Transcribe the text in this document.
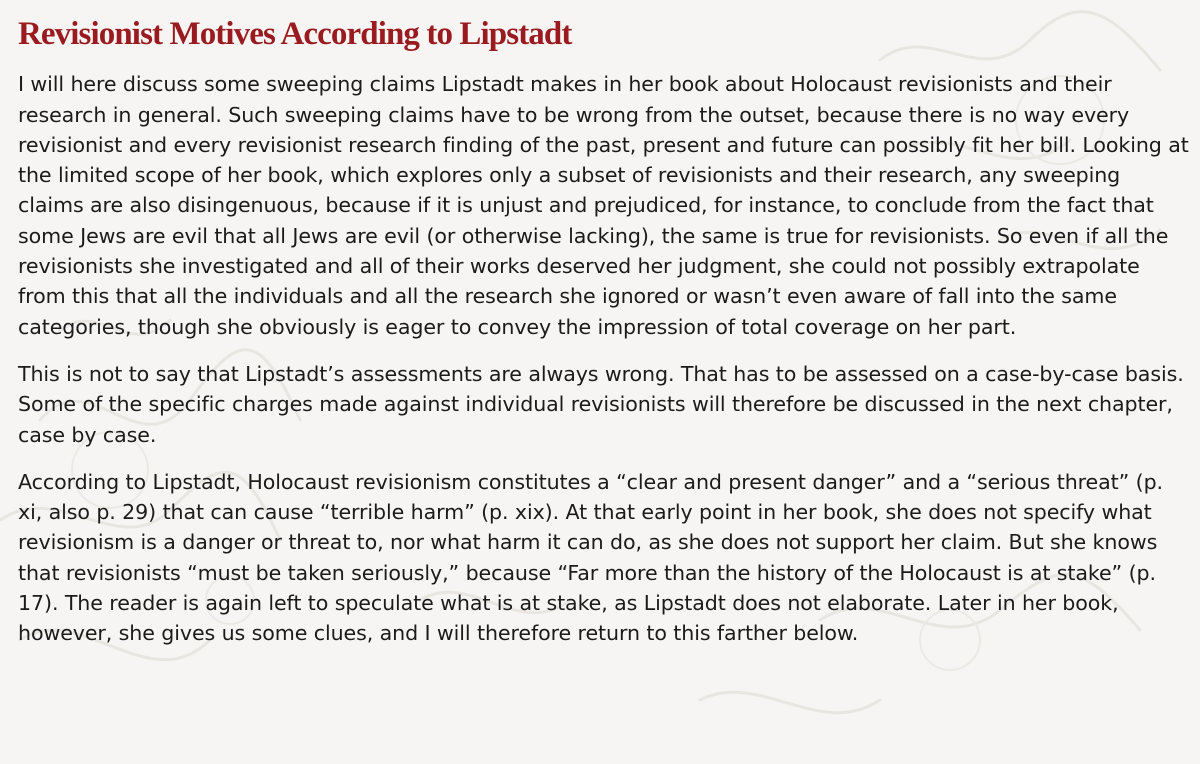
Revisionist Motives According to Lipstadt

I will here discuss some sweeping claims Lipstadt makes in her book about Holocaust revisionists and their research in general. Such sweeping claims have to be wrong from the outset, because there is no way every revisionist and every revisionist research finding of the past, present and future can possibly fit her bill. Looking at the limited scope of her book, which explores only a subset of revisionists and their research, any sweeping claims are also disingenuous, because if it is unjust and prejudiced, for instance, to conclude from the fact that some Jews are evil that all Jews are evil (or otherwise lacking), the same is true for revisionists. So even if all the revisionists she investigated and all of their works deserved her judgment, she could not possibly extrapolate from this that all the individuals and all the research she ignored or wasn’t even aware of fall into the same categories, though she obviously is eager to convey the impression of total coverage on her part.

This is not to say that Lipstadt’s assessments are always wrong. That has to be assessed on a case-by-case basis. Some of the specific charges made against individual revisionists will therefore be discussed in the next chapter, case by case.

According to Lipstadt, Holocaust revisionism constitutes a “clear and present danger” and a “serious threat” (p. xi, also p. 29) that can cause “terrible harm” (p. xix). At that early point in her book, she does not specify what revisionism is a danger or threat to, nor what harm it can do, as she does not support her claim. But she knows that revisionists “must be taken seriously,” because “Far more than the history of the Holocaust is at stake” (p. 17). The reader is again left to speculate what is at stake, as Lipstadt does not elaborate. Later in her book, however, she gives us some clues, and I will therefore return to this farther below.
